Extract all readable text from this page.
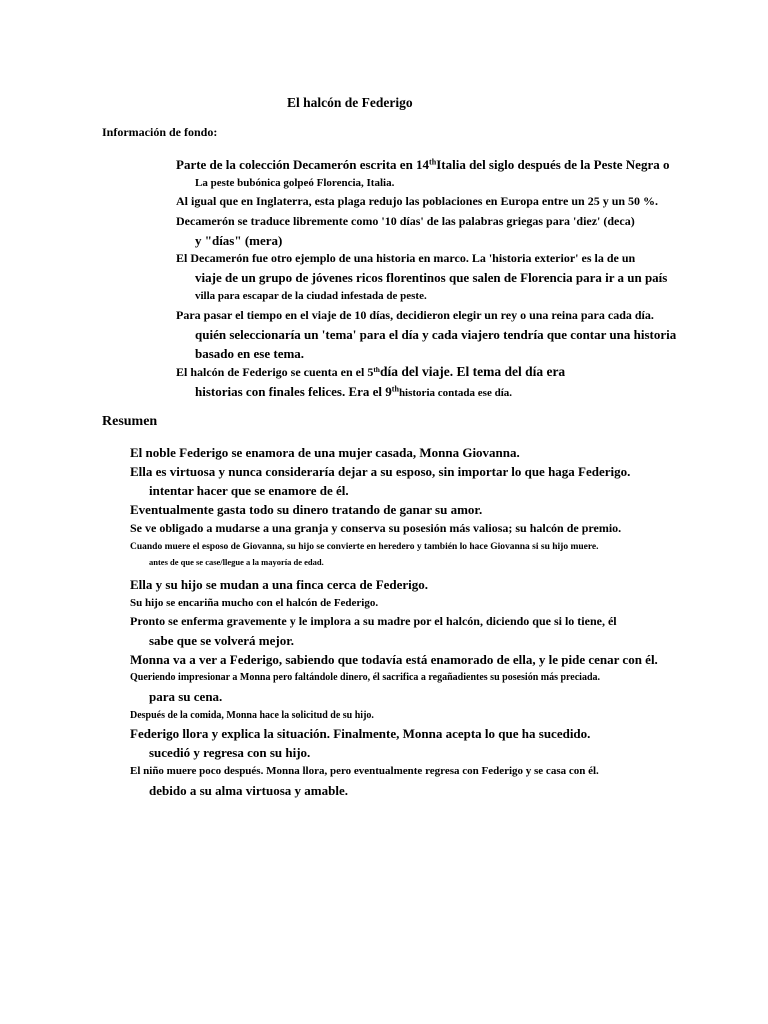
El halcón de Federigo
Información de fondo:
Parte de la colección Decamerón escrita en 14thItalia del siglo después de la Peste Negra o
La peste bubónica golpeó Florencia, Italia.
Al igual que en Inglaterra, esta plaga redujo las poblaciones en Europa entre un 25 y un 50 %.
Decamerón se traduce libremente como '10 días' de las palabras griegas para 'diez' (deca)
y "días" (mera)
El Decamerón fue otro ejemplo de una historia en marco. La 'historia exterior' es la de un
viaje de un grupo de jóvenes ricos florentinos que salen de Florencia para ir a un país
villa para escapar de la ciudad infestada de peste.
Para pasar el tiempo en el viaje de 10 días, decidieron elegir un rey o una reina para cada día.
quién seleccionaría un 'tema' para el día y cada viajero tendría que contar una historia
basado en ese tema.
El halcón de Federigo se cuenta en el 5thdía del viaje. El tema del día era
historias con finales felices. Era el 9thhistoria contada ese día.
Resumen
El noble Federigo se enamora de una mujer casada, Monna Giovanna.
Ella es virtuosa y nunca consideraría dejar a su esposo, sin importar lo que haga Federigo.
intentar hacer que se enamore de él.
Eventualmente gasta todo su dinero tratando de ganar su amor.
Se ve obligado a mudarse a una granja y conserva su posesión más valiosa; su halcón de premio.
Cuando muere el esposo de Giovanna, su hijo se convierte en heredero y también lo hace Giovanna si su hijo muere.
antes de que se case/llegue a la mayoría de edad.
Ella y su hijo se mudan a una finca cerca de Federigo.
Su hijo se encariña mucho con el halcón de Federigo.
Pronto se enferma gravemente y le implora a su madre por el halcón, diciendo que si lo tiene, él
sabe que se volverá mejor.
Monna va a ver a Federigo, sabiendo que todavía está enamorado de ella, y le pide cenar con él.
Queriendo impresionar a Monna pero faltándole dinero, él sacrifica a regañadientes su posesión más preciada.
para su cena.
Después de la comida, Monna hace la solicitud de su hijo.
Federigo llora y explica la situación. Finalmente, Monna acepta lo que ha sucedido.
sucedió y regresa con su hijo.
El niño muere poco después. Monna llora, pero eventualmente regresa con Federigo y se casa con él.
debido a su alma virtuosa y amable.
